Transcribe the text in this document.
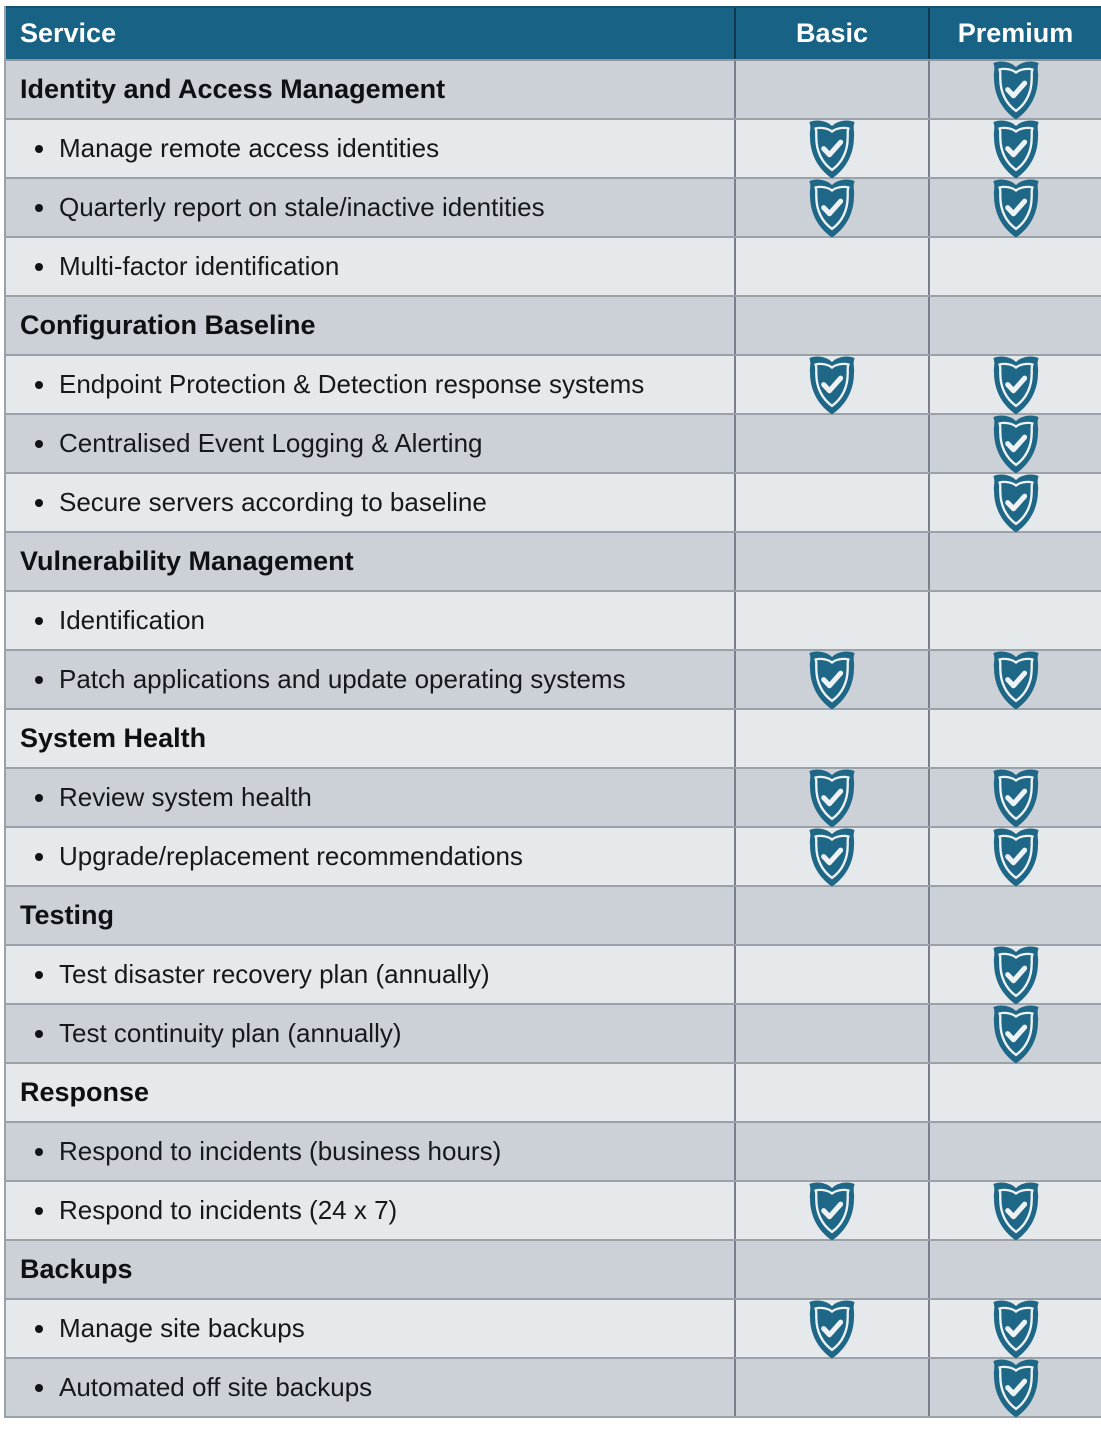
Service	Basic	Premium
Identity and Access Management
Manage remote access identities
Quarterly report on stale/inactive identities
Multi-factor identification
Configuration Baseline
Endpoint Protection & Detection response systems
Centralised Event Logging & Alerting
Secure servers according to baseline
Vulnerability Management
Identification
Patch applications and update operating systems
System Health
Review system health
Upgrade/replacement recommendations
Testing
Test disaster recovery plan (annually)
Test continuity plan (annually)
Response
Respond to incidents (business hours)
Respond to incidents (24 x 7)
Backups
Manage site backups
Automated off site backups
